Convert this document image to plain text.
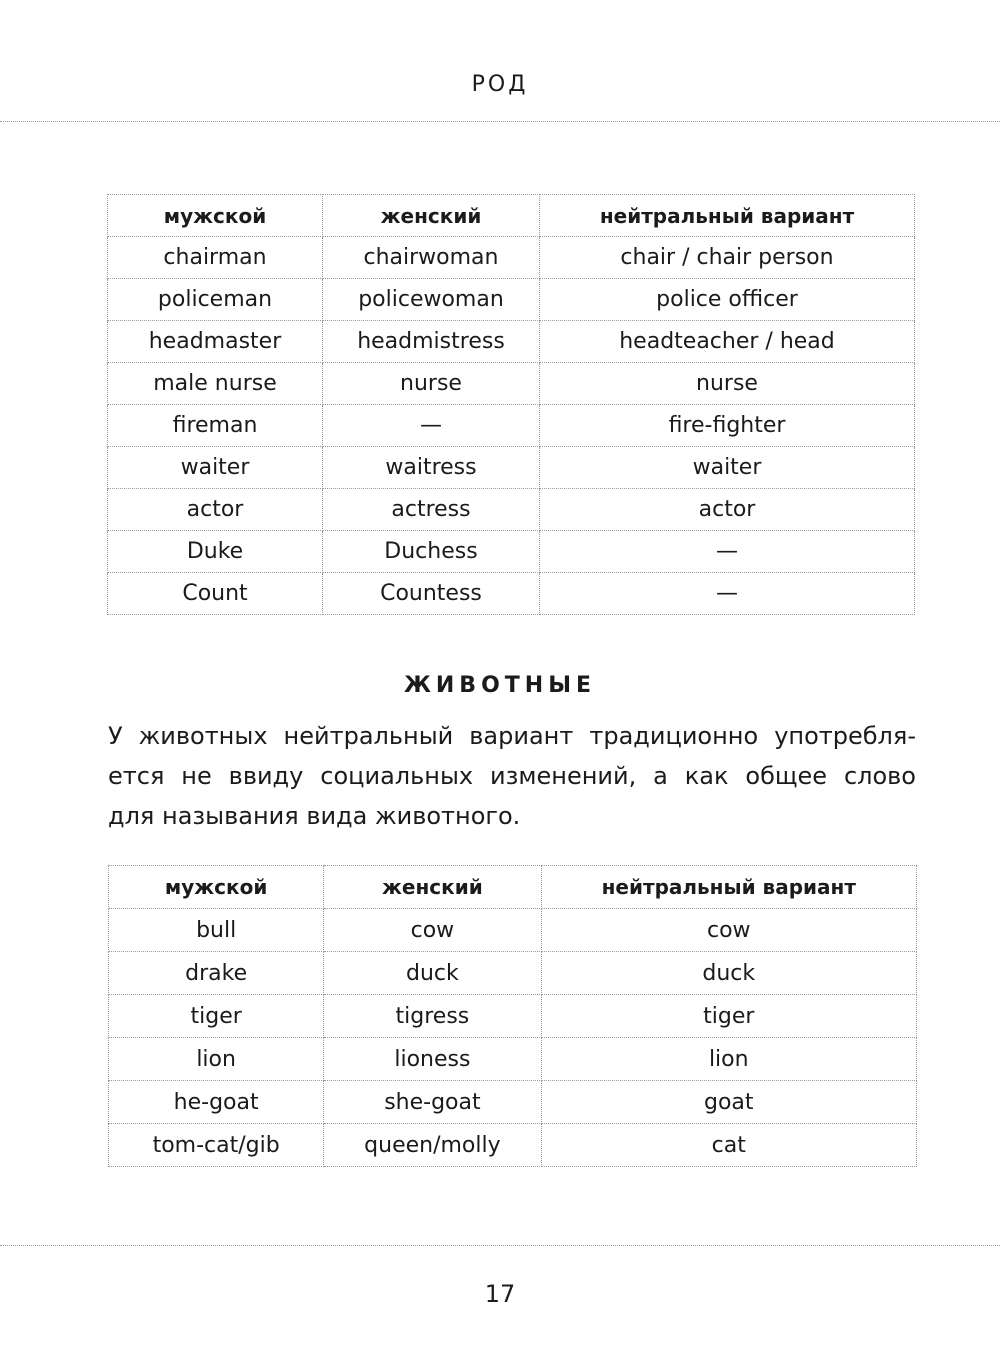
РОД
мужской	женский	нейтральный вариант
chairman	chairwoman	chair / chair person
policeman	policewoman	police officer
headmaster	headmistress	headteacher / head
male nurse	nurse	nurse
fireman	—	fire-fighter
waiter	waitress	waiter
actor	actress	actor
Duke	Duchess	—
Count	Countess	—
ЖИВОТНЫЕ
У животных нейтральный вариант традиционно употребля-
ется не ввиду социальных изменений, а как общее слово
для называния вида животного.
мужской	женский	нейтральный вариант
bull	cow	cow
drake	duck	duck
tiger	tigress	tiger
lion	lioness	lion
he-goat	she-goat	goat
tom-cat/gib	queen/molly	cat
17
